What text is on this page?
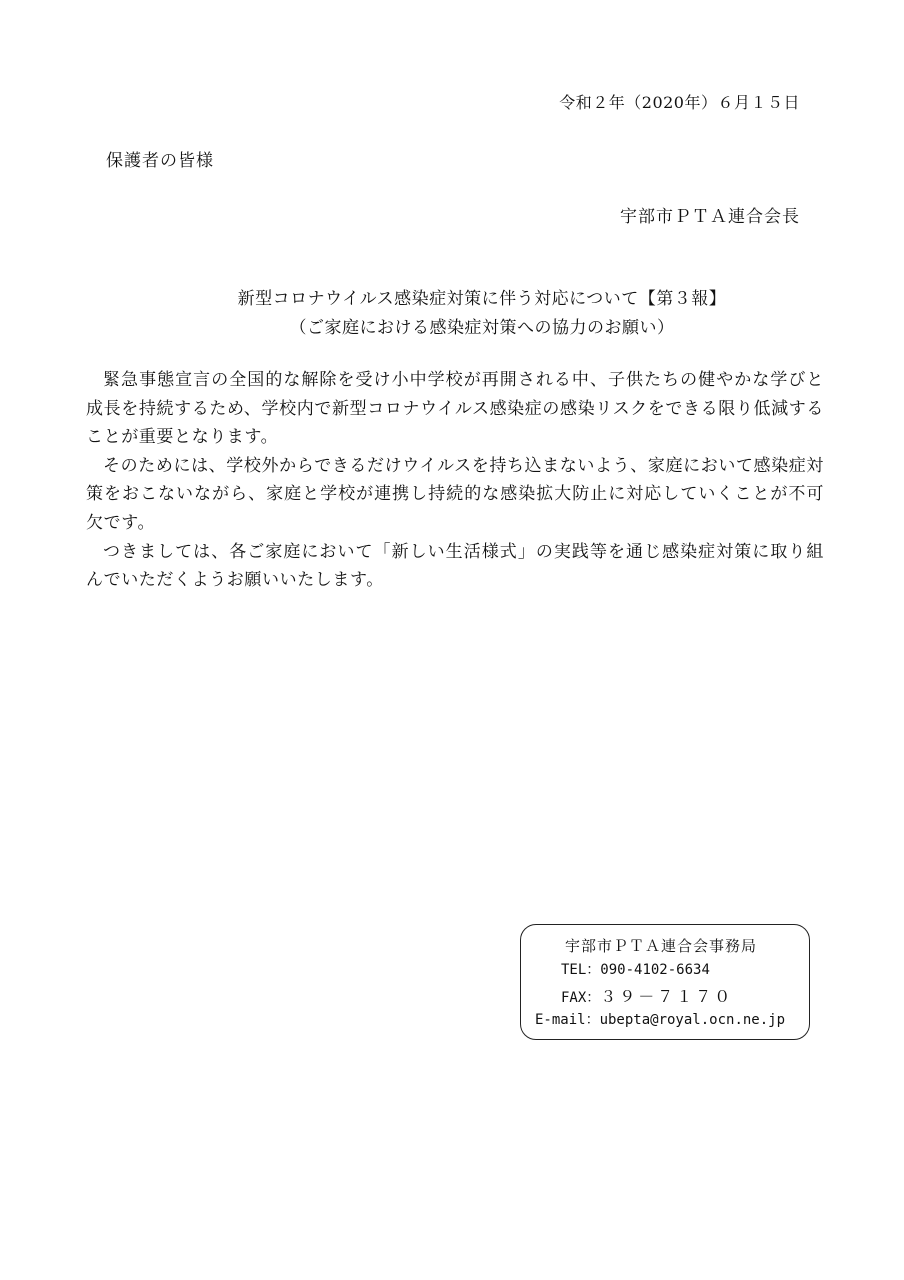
令和２年（2020年）６月１５日
保護者の皆様
宇部市ＰＴＡ連合会長
新型コロナウイルス感染症対策に伴う対応について【第３報】
（ご家庭における感染症対策への協力のお願い）

緊急事態宣言の全国的な解除を受け小中学校が再開される中、子供たちの健やかな学びと成長を持続するため、学校内で新型コロナウイルス感染症の感染リスクをできる限り低減することが重要となります。

そのためには、学校外からできるだけウイルスを持ち込まないよう、家庭において感染症対策をおこないながら、家庭と学校が連携し持続的な感染拡大防止に対応していくことが不可欠です。

つきましては、各ご家庭において「新しい生活様式」の実践等を通じ感染症対策に取り組んでいただくようお願いいたします。

宇部市ＰＴＡ連合会事務局
TEL：090-4102-6634
FAX：３９－７１７０
E-mail：ubepta@royal.ocn.ne.jp
